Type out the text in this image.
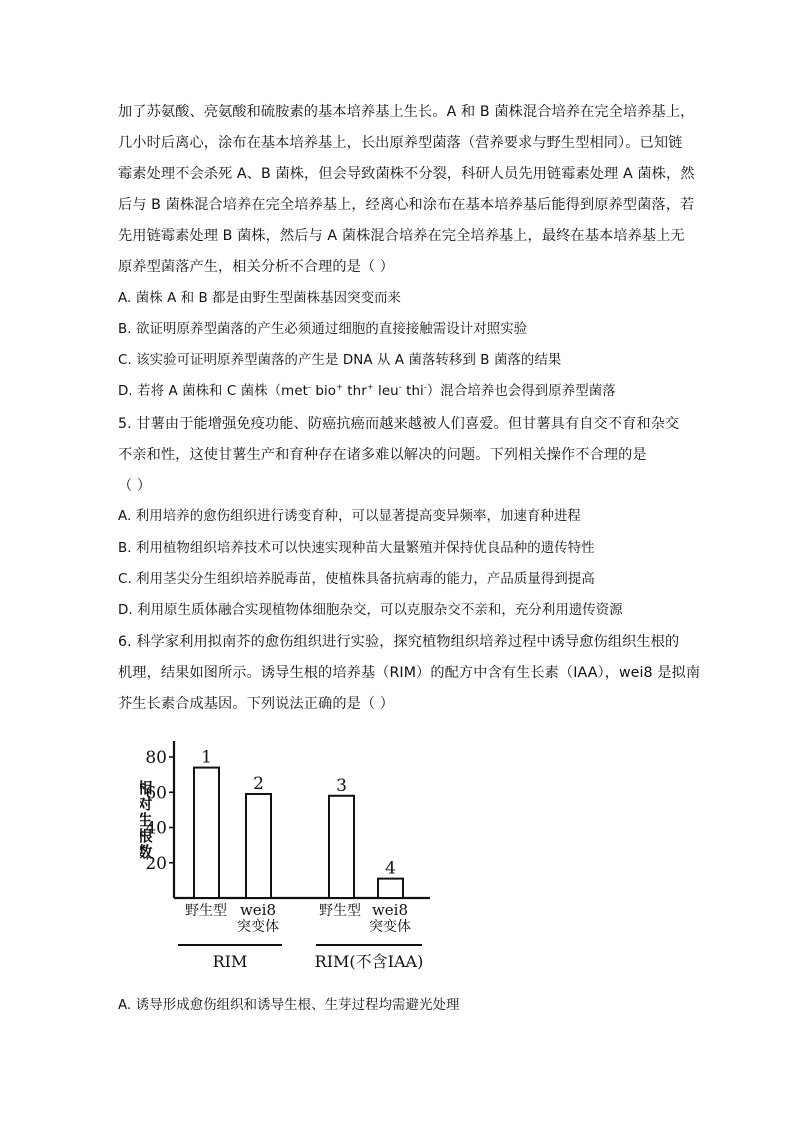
加了苏氨酸、亮氨酸和硫胺素的基本培养基上生长。A 和 B 菌株混合培养在完全培养基上，
几小时后离心，涂布在基本培养基上，长出原养型菌落（营养要求与野生型相同）。已知链
霉素处理不会杀死 A、B 菌株，但会导致菌株不分裂，科研人员先用链霉素处理 A 菌株，然
后与 B 菌株混合培养在完全培养基上，经离心和涂布在基本培养基后能得到原养型菌落，若
先用链霉素处理 B 菌株，然后与 A 菌株混合培养在完全培养基上，最终在基本培养基上无
原养型菌落产生，相关分析不合理的是（ ）
A. 菌株 A 和 B 都是由野生型菌株基因突变而来
B. 欲证明原养型菌落的产生必须通过细胞的直接接触需设计对照实验
C. 该实验可证明原养型菌落的产生是 DNA 从 A 菌落转移到 B 菌落的结果
D. 若将 A 菌株和 C 菌株（met- bio+ thr+ leu- thi-）混合培养也会得到原养型菌落
5. 甘薯由于能增强免疫功能、防癌抗癌而越来越被人们喜爱。但甘薯具有自交不育和杂交
不亲和性，这使甘薯生产和育种存在诸多难以解决的问题。下列相关操作不合理的是
（ ）
A. 利用培养的愈伤组织进行诱变育种，可以显著提高变异频率，加速育种进程
B. 利用植物组织培养技术可以快速实现种苗大量繁殖并保持优良品种的遗传特性
C. 利用茎尖分生组织培养脱毒苗，使植株具备抗病毒的能力，产品质量得到提高
D. 利用原生质体融合实现植物体细胞杂交，可以克服杂交不亲和，充分利用遗传资源
6. 科学家利用拟南芥的愈伤组织进行实验，探究植物组织培养过程中诱导愈伤组织生根的
机理，结果如图所示。诱导生根的培养基（RIM）的配方中含有生长素（IAA），wei8 是拟南
芥生长素合成基因。下列说法正确的是（ ）
20
40
60
80
相
对
生
根
数
1
2	3
4
野生型 wei8
突变体
野生型 wei8
突变体
RIM	RIM(不含IAA)
A. 诱导形成愈伤组织和诱导生根、生芽过程均需避光处理
